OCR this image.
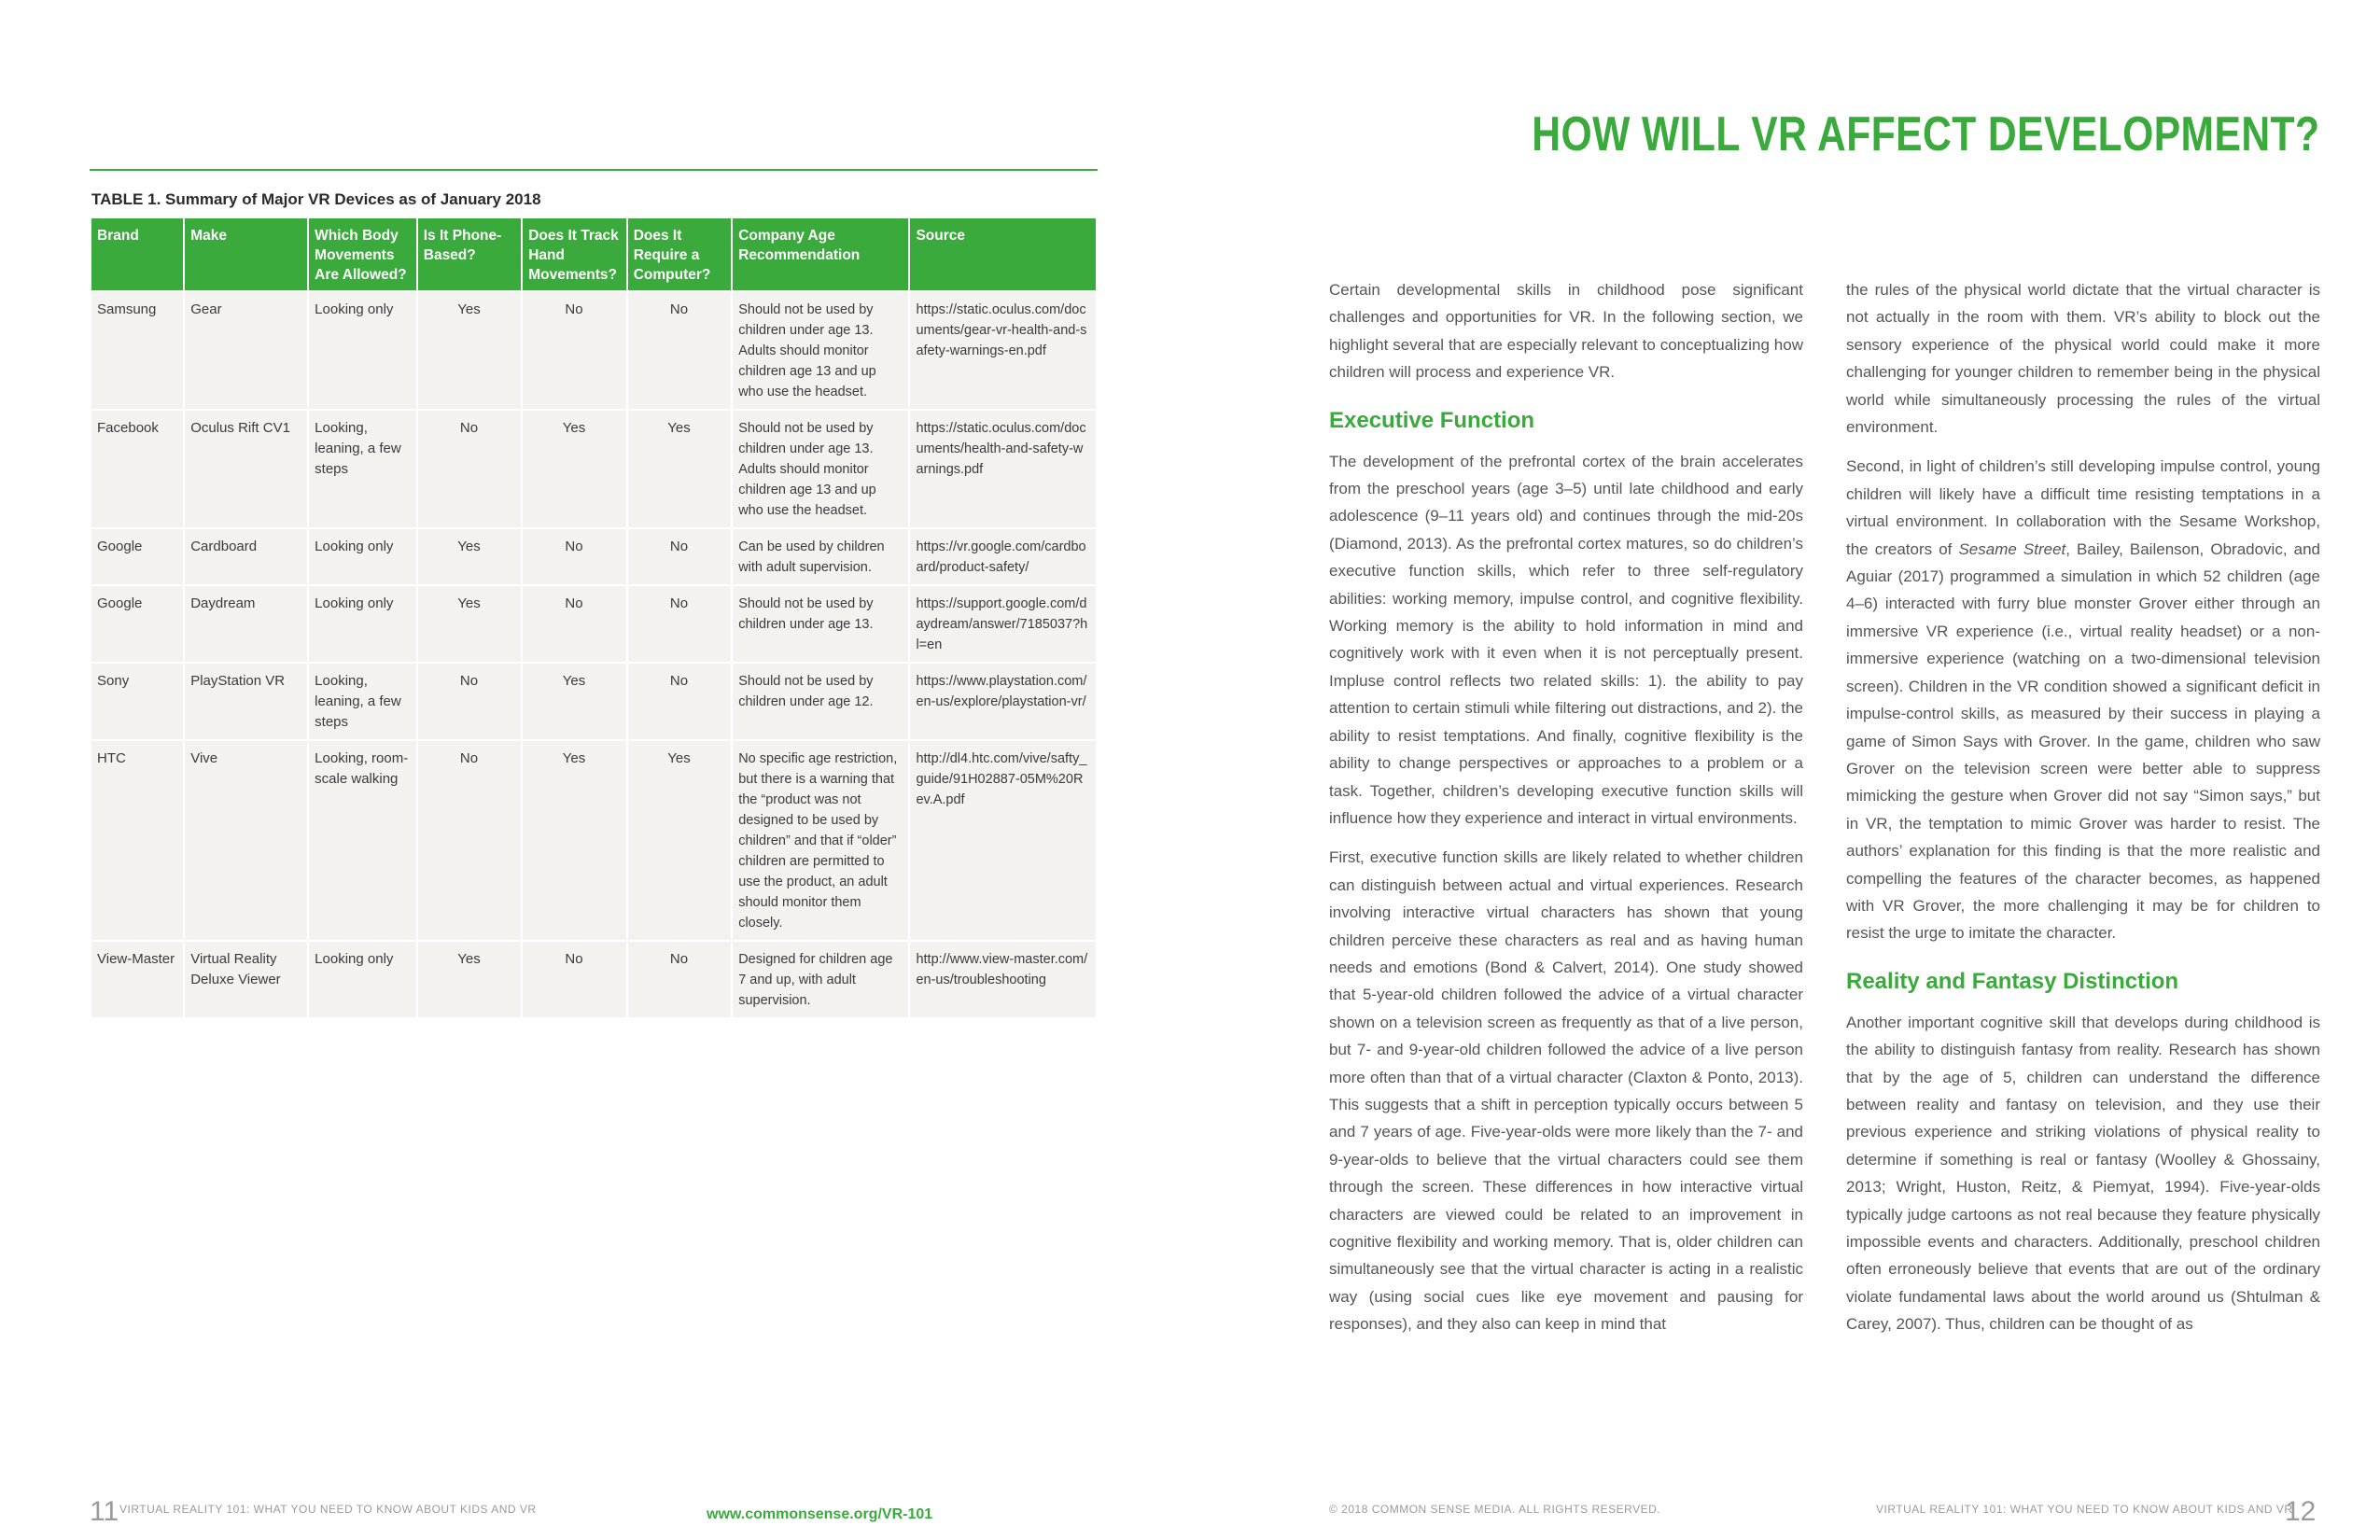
TABLE 1. Summary of Major VR Devices as of January 2018
Brand	Make	Which Body Movements Are Allowed?	Is It Phone-Based?	Does It Track Hand Movements?	Does It Require a Computer?	Company Age Recommendation	Source
Samsung	Gear	Looking only	Yes	No	No	Should not be used by children under age 13. Adults should monitor children age 13 and up who use the headset.	https://static.oculus.com/documents/gear-vr-health-and-safety-warnings-en.pdf
Facebook	Oculus Rift CV1	Looking, leaning, a few steps	No	Yes	Yes	Should not be used by children under age 13. Adults should monitor children age 13 and up who use the headset.	https://static.oculus.com/documents/health-and-safety-warnings.pdf
Google	Cardboard	Looking only	Yes	No	No	Can be used by children with adult supervision.	https://vr.google.com/cardboard/product-safety/
Google	Daydream	Looking only	Yes	No	No	Should not be used by children under age 13.	https://support.google.com/daydream/answer/7185037?hl=en
Sony	PlayStation VR	Looking, leaning, a few steps	No	Yes	No	Should not be used by children under age 12.	https://www.playstation.com/en-us/explore/playstation-vr/
HTC	Vive	Looking, room-scale walking	No	Yes	Yes	No specific age restriction, but there is a warning that the “product was not designed to be used by children” and that if “older” children are permitted to use the product, an adult should monitor them closely.	http://dl4.htc.com/vive/safty_guide/91H02887-05M%20Rev.A.pdf
View-Master	Virtual Reality Deluxe Viewer	Looking only	Yes	No	No	Designed for children age 7 and up, with adult supervision.	http://www.view-master.com/en-us/troubleshooting
HOW WILL VR AFFECT DEVELOPMENT?

Certain developmental skills in childhood pose significant challenges and opportunities for VR. In the following section, we highlight several that are especially relevant to conceptualizing how children will process and experience VR.

Executive Function

The development of the prefrontal cortex of the brain accelerates from the preschool years (age 3–5) until late childhood and early adolescence (9–11 years old) and continues through the mid-20s (Diamond, 2013). As the prefrontal cortex matures, so do children’s executive function skills, which refer to three self-regulatory abilities: working memory, impulse control, and cognitive flexibility. Working memory is the ability to hold information in mind and cognitively work with it even when it is not perceptually present. Impluse control reflects two related skills: 1). the ability to pay attention to certain stimuli while filtering out distractions, and 2). the ability to resist temptations. And finally, cognitive flexibility is the ability to change perspectives or approaches to a problem or a task. Together, children’s developing executive function skills will influence how they experience and interact in virtual environments.

First, executive function skills are likely related to whether children can distinguish between actual and virtual experiences. Research involving interactive virtual characters has shown that young children perceive these characters as real and as having human needs and emotions (Bond & Calvert, 2014). One study showed that 5-year-old children followed the advice of a virtual character shown on a television screen as frequently as that of a live person, but 7- and 9-year-old children followed the advice of a live person more often than that of a virtual character (Claxton & Ponto, 2013). This suggests that a shift in perception typically occurs between 5 and 7 years of age. Five-year-olds were more likely than the 7- and 9-year-olds to believe that the virtual characters could see them through the screen. These differences in how interactive virtual characters are viewed could be related to an improvement in cognitive flexibility and working memory. That is, older children can simultaneously see that the virtual character is acting in a realistic way (using social cues like eye movement and pausing for responses), and they also can keep in mind that

the rules of the physical world dictate that the virtual character is not actually in the room with them. VR’s ability to block out the sensory experience of the physical world could make it more challenging for younger children to remember being in the physical world while simultaneously processing the rules of the virtual environment.

Second, in light of children’s still developing impulse control, young children will likely have a difficult time resisting temptations in a virtual environment. In collaboration with the Sesame Workshop, the creators of Sesame Street, Bailey, Bailenson, Obradovic, and Aguiar (2017) programmed a simulation in which 52 children (age 4–6) interacted with furry blue monster Grover either through an immersive VR experience (i.e., virtual reality headset) or a non-immersive experience (watching on a two-dimensional television screen). Children in the VR condition showed a significant deficit in impulse-control skills, as measured by their success in playing a game of Simon Says with Grover. In the game, children who saw Grover on the television screen were better able to suppress mimicking the gesture when Grover did not say “Simon says,” but in VR, the temptation to mimic Grover was harder to resist. The authors’ explanation for this finding is that the more realistic and compelling the features of the character becomes, as happened with VR Grover, the more challenging it may be for children to resist the urge to imitate the character.

Reality and Fantasy Distinction

Another important cognitive skill that develops during childhood is the ability to distinguish fantasy from reality. Research has shown that by the age of 5, children can understand the difference between reality and fantasy on television, and they use their previous experience and striking violations of physical reality to determine if something is real or fantasy (Woolley & Ghossainy, 2013; Wright, Huston, Reitz, & Piemyat, 1994). Five-year-olds typically judge cartoons as not real because they feature physically impossible events and characters. Additionally, preschool children often erroneously believe that events that are out of the ordinary violate fundamental laws about the world around us (Shtulman & Carey, 2007). Thus, children can be thought of as

11 VIRTUAL REALITY 101: WHAT YOU NEED TO KNOW ABOUT KIDS AND VR	www.commonsense.org/VR-101	© 2018 COMMON SENSE MEDIA. ALL RIGHTS RESERVED.	VIRTUAL REALITY 101: WHAT YOU NEED TO KNOW ABOUT KIDS AND VR
12
